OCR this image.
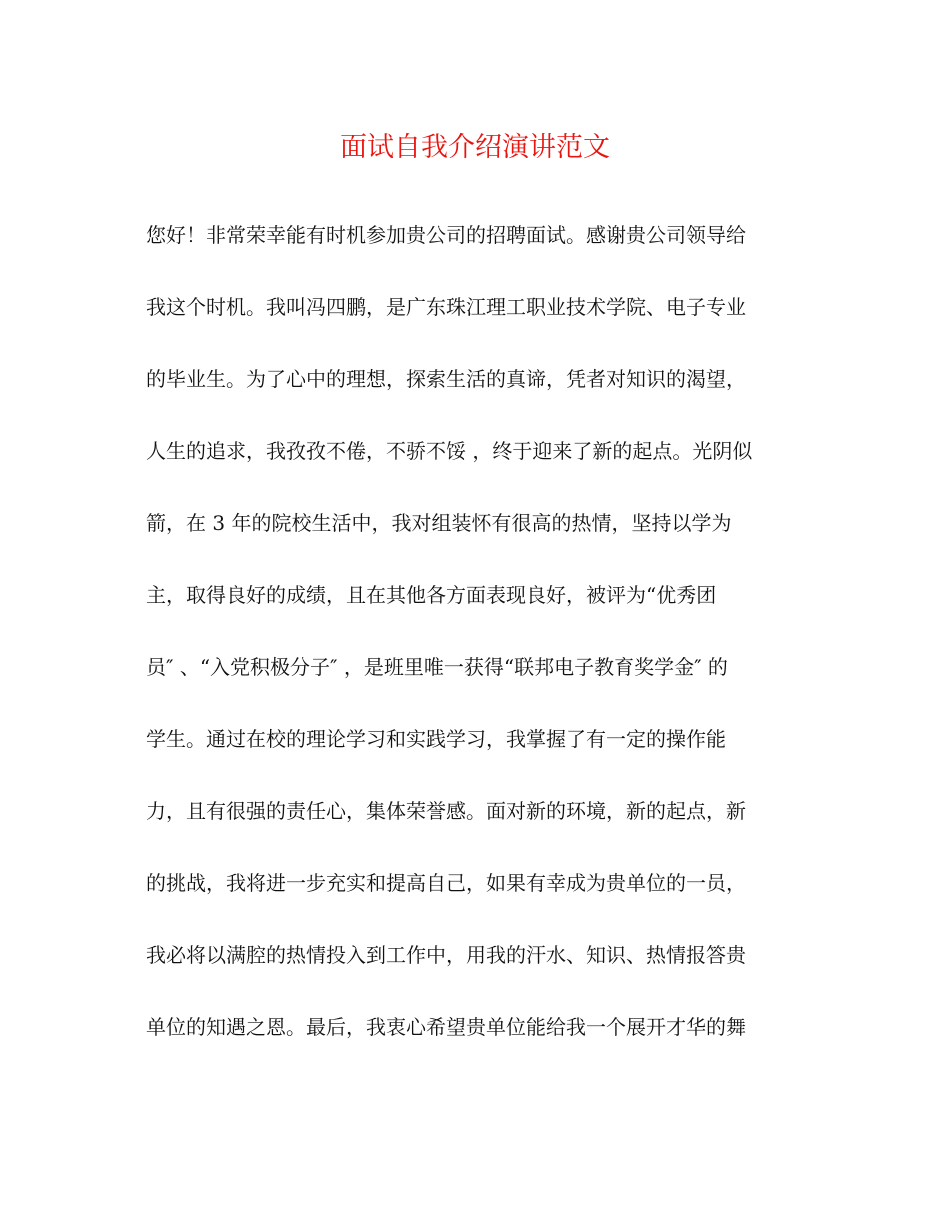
面试自我介绍演讲范文
您好！非常荣幸能有时机参加贵公司的招聘面试。感谢贵公司领导给
我这个时机。我叫冯四鹏，是广东珠江理工职业技术学院、电子专业
的毕业生。为了心中的理想，探索生活的真谛，凭者对知识的渴望，
人生的追求，我孜孜不倦，不骄不馁 ，终于迎来了新的起点。光阴似
箭，在 3 年的院校生活中，我对组装怀有很高的热情，坚持以学为
主，取得良好的成绩，且在其他各方面表现良好，被评为“优秀团
员″ 、“入党积极分子″ ，是班里唯一获得“联邦电子教育奖学金″ 的
学生。通过在校的理论学习和实践学习，我掌握了有一定的操作能
力，且有很强的责任心，集体荣誉感。面对新的环境，新的起点，新
的挑战，我将进一步充实和提高自己，如果有幸成为贵单位的一员，
我必将以满腔的热情投入到工作中，用我的汗水、知识、热情报答贵
单位的知遇之恩。最后，我衷心希望贵单位能给我一个展开才华的舞
